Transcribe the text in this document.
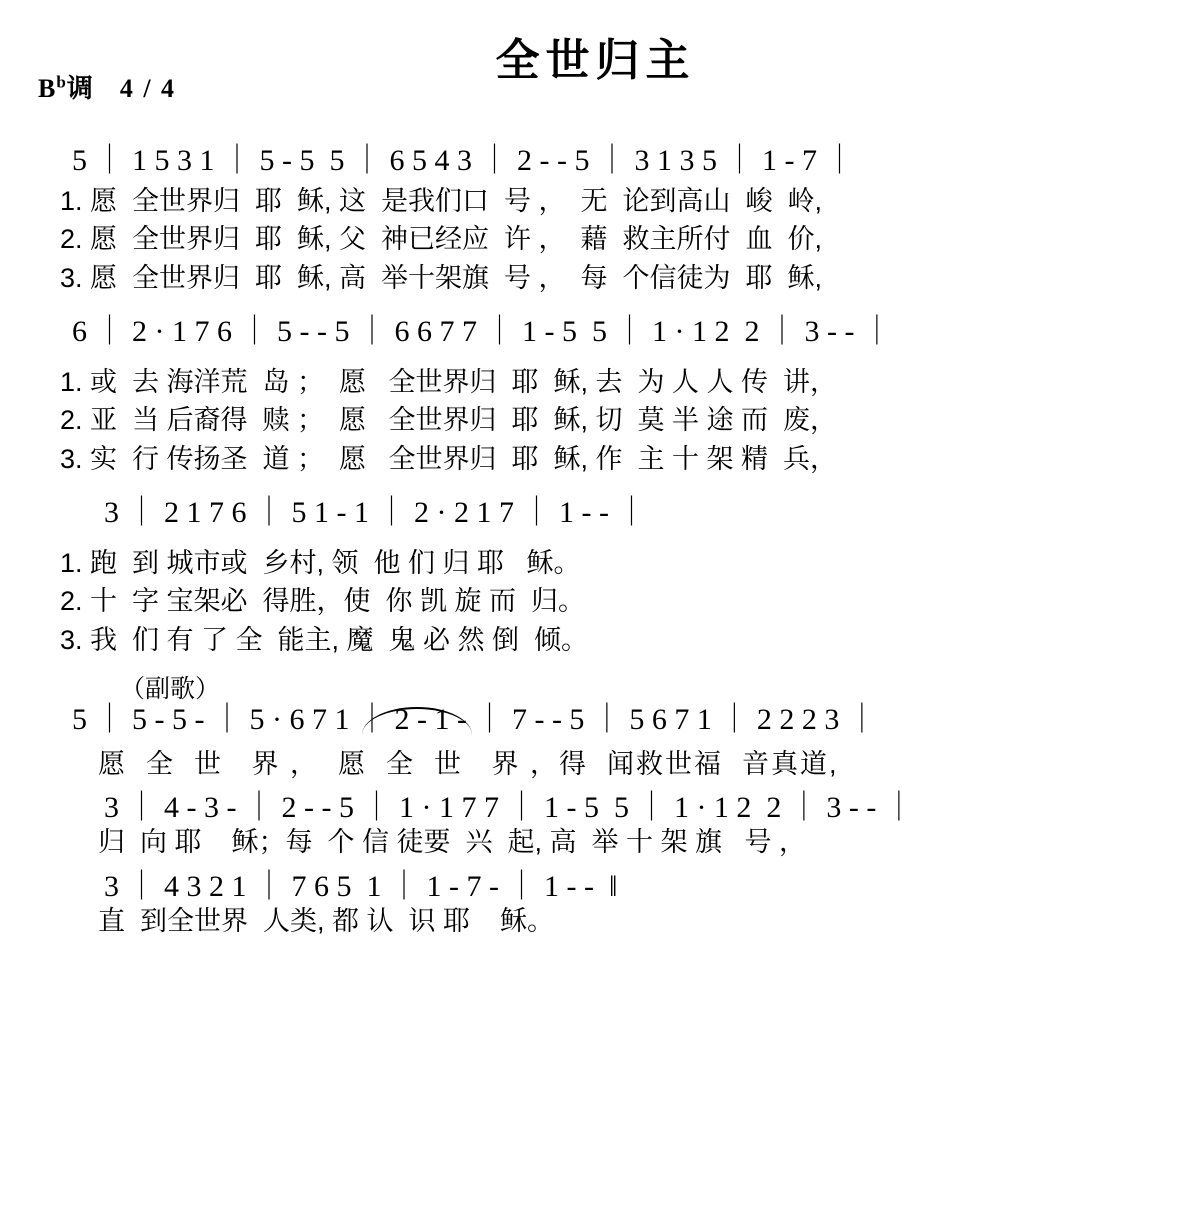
全世归主
$B^b$调 4 / 4
5 ｜ 1 5 3 1 ｜ 5 - 5  5 ｜ 6 5 4 3 ｜ 2 - - 5 ｜ 3 1 3 5 ｜ 1 - 7 ｜
1. 愿  全世界归  耶  稣, 这  是我们口  号 ，  无  论到高山  峻  岭,
2. 愿  全世界归  耶  稣, 父  神已经应  许 ，  藉  救主所付  血  价,
3. 愿  全世界归  耶  稣, 高  举十架旗  号 ，  每  个信徒为  耶  稣,
6 ｜ 2 · 1 7 6 ｜ 5 - - 5 ｜ 6 6 7 7 ｜ 1 - 5  5 ｜ 1 · 1 2  2 ｜ 3 - - ｜
1. 或  去 海洋荒  岛 ；  愿   全世界归  耶  稣, 去  为 人 人 传  讲，
2. 亚  当 后裔得  赎 ；  愿   全世界归  耶  稣, 切  莫 半 途 而  废，
3. 实  行 传扬圣  道 ；  愿   全世界归  耶  稣, 作  主 十 架 精  兵，
3 ｜ 2 1 7 6 ｜ 5 1 - 1 ｜ 2 · 2 1 7 ｜ 1 - - ｜
1. 跑  到 城市或  乡村, 领  他 们 归 耶   稣。
2. 十  字 宝架必  得胜，使  你 凯 旋 而  归。
3. 我  们 有 了 全  能主, 魔  鬼 必 然 倒  倾。
（副歌）
5 ｜ 5 - 5 - ｜ 5 · 6 7 1 ｜ 2 - 1 - ｜ 7 - - 5 ｜ 5 6 7 1 ｜ 2 2 2 3 ｜
愿  全  世   界 ，  愿  全  世   界 ，得  闻救世福  音真道,
3 ｜ 4 - 3 - ｜ 2 - - 5 ｜ 1 · 1 7 7 ｜ 1 - 5  5 ｜ 1 · 1 2  2 ｜ 3 - - ｜
归  向 耶    稣；每  个 信 徒要  兴  起, 高  举 十 架 旗   号 ，
3 ｜ 4 3 2 1 ｜ 7 6 5  1 ｜ 1 - 7 - ｜ 1 - -  ‖
直  到全世界  人类, 都 认  识 耶    稣。
